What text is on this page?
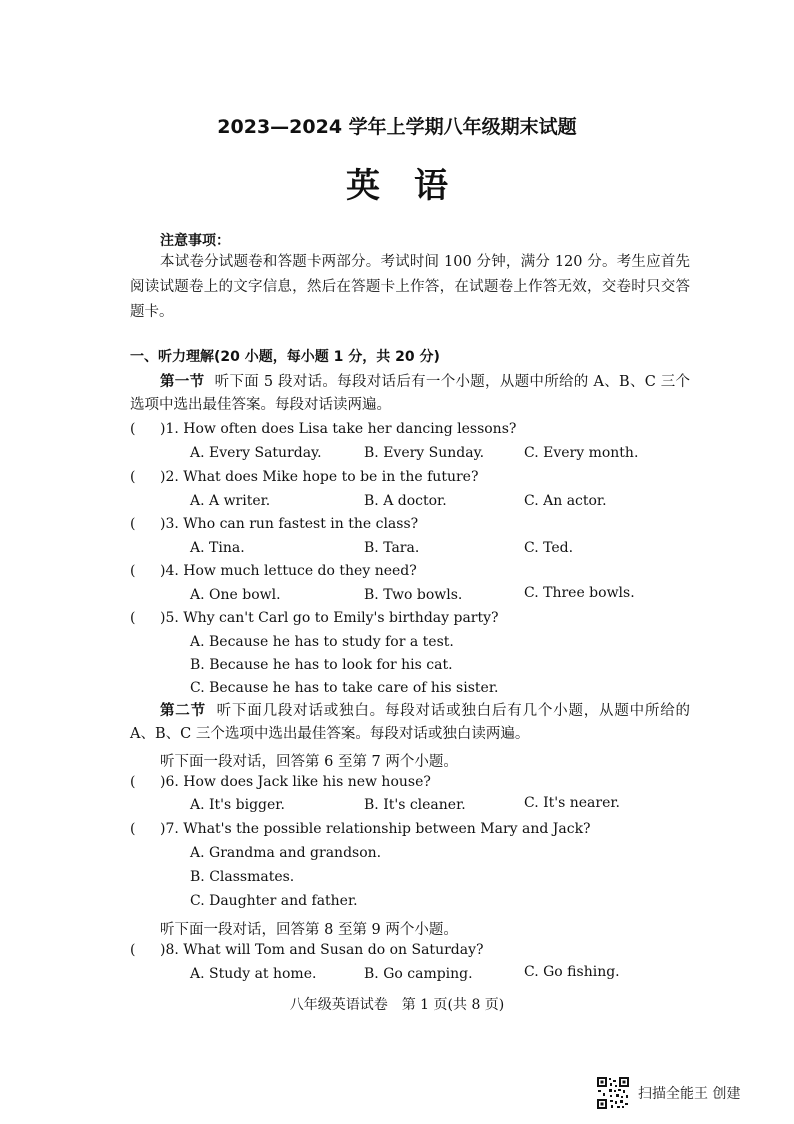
2023—2024 学年上学期八年级期末试题
英语
注意事项：
本试卷分试题卷和答题卡两部分。考试时间 100 分钟，满分 120 分。考生应首先阅读试题卷上的文字信息，然后在答题卡上作答，在试题卷上作答无效，交卷时只交答题卡。
一、听力理解(20 小题，每小题 1 分，共 20 分)
第一节 听下面 5 段对话。每段对话后有一个小题，从题中所给的 A、B、C 三个选项中选出最佳答案。每段对话读两遍。
( )1. How often does Lisa take her dancing lessons?
A. Every Saturday.	B. Every Sunday.	C. Every month.
( )2. What does Mike hope to be in the future?
A. A writer.	B. A doctor.	C. An actor.
( )3. Who can run fastest in the class?
A. Tina.	B. Tara.	C. Ted.
( )4. How much lettuce do they need?
A. One bowl.	B. Two bowls.	C. Three bowls.
( )5. Why can't Carl go to Emily's birthday party?
A. Because he has to study for a test.
B. Because he has to look for his cat.
C. Because he has to take care of his sister.
第二节 听下面几段对话或独白。每段对话或独白后有几个小题，从题中所给的 A、B、C 三个选项中选出最佳答案。每段对话或独白读两遍。
听下面一段对话，回答第 6 至第 7 两个小题。
( )6. How does Jack like his new house?
A. It's bigger.	B. It's cleaner.	C. It's nearer.
( )7. What's the possible relationship between Mary and Jack?
A. Grandma and grandson.
B. Classmates.
C. Daughter and father.
听下面一段对话，回答第 8 至第 9 两个小题。
( )8. What will Tom and Susan do on Saturday?
A. Study at home.	B. Go camping.	C. Go fishing.
八年级英语试卷　第 1 页(共 8 页)
扫描全能王 创建
